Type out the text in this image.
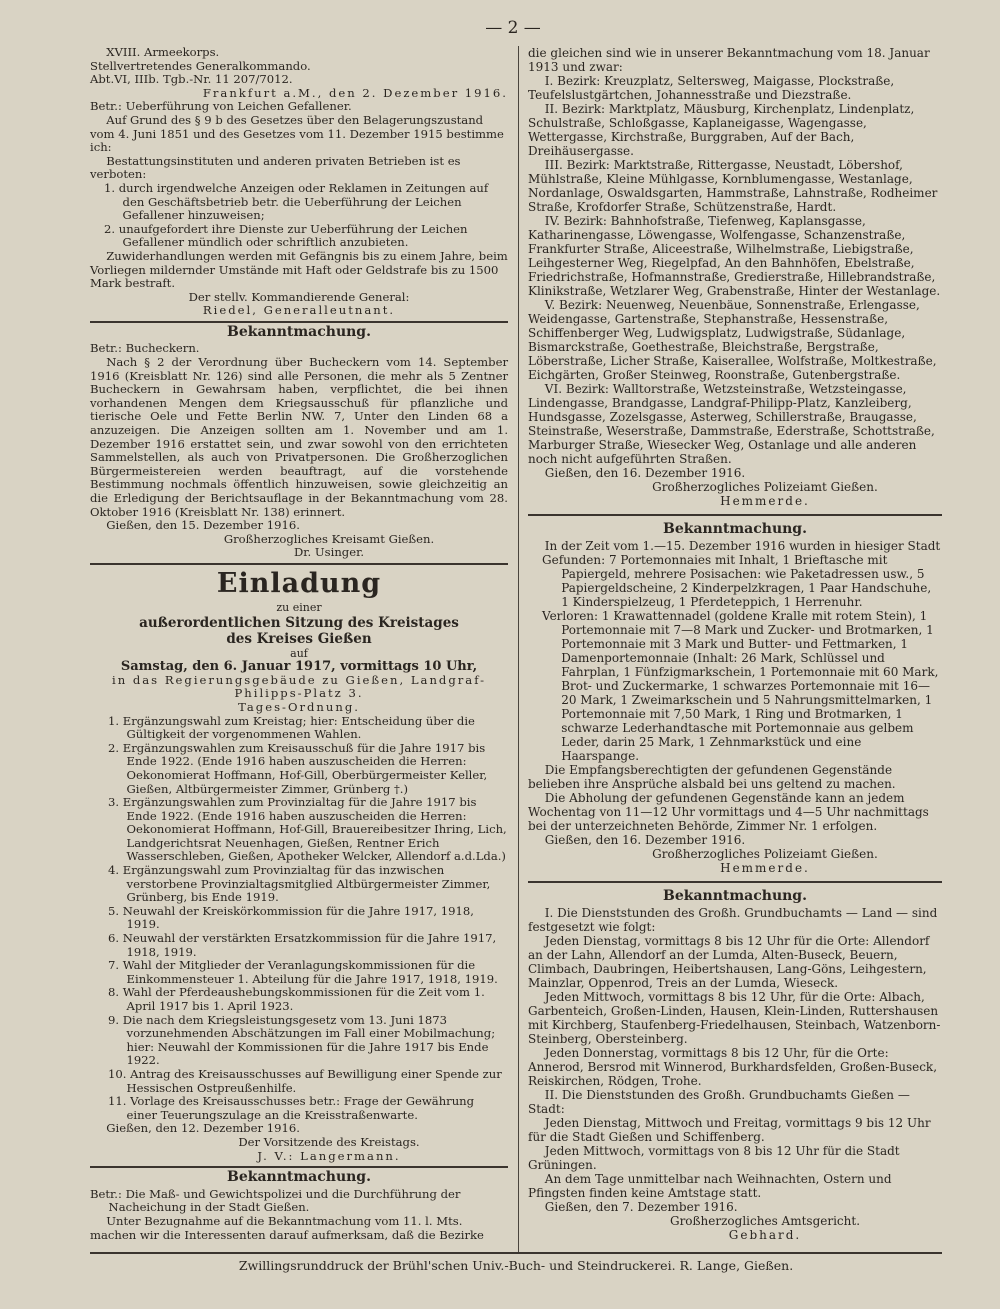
— 2 —

XVIII. Armeekorps.

Stellvertretendes Generalkommando.

Abt.VI, IIIb. Tgb.-Nr. 11 207/7012.

Frankfurt a.M., den 2. Dezember 1916.

Betr.: Ueberführung von Leichen Gefallener.

Auf Grund des § 9 b des Gesetzes über den Belagerungszustand vom 4. Juni 1851 und des Gesetzes vom 11. Dezember 1915 bestimme ich:

Bestattungsinstituten und anderen privaten Betrieben ist es verboten:

1. durch irgendwelche Anzeigen oder Reklamen in Zeitungen auf den Geschäftsbetrieb betr. die Ueberführung der Leichen Gefallener hinzuweisen;

2. unaufgefordert ihre Dienste zur Ueberführung der Leichen Gefallener mündlich oder schriftlich anzubieten.

Zuwiderhandlungen werden mit Gefängnis bis zu einem Jahre, beim Vorliegen mildernder Umstände mit Haft oder Geldstrafe bis zu 1500 Mark bestraft.

Der stellv. Kommandierende General:

Riedel, Generalleutnant.

Bekanntmachung.

Betr.: Bucheckern.

Nach § 2 der Verordnung über Bucheckern vom 14. September 1916 (Kreisblatt Nr. 126) sind alle Personen, die mehr als 5 Zentner Bucheckern in Gewahrsam haben, verpflichtet, die bei ihnen vorhandenen Mengen dem Kriegsausschuß für pflanzliche und tierische Oele und Fette Berlin NW. 7, Unter den Linden 68 a anzuzeigen. Die Anzeigen sollten am 1. November und am 1. Dezember 1916 erstattet sein, und zwar sowohl von den errichteten Sammelstellen, als auch von Privatpersonen. Die Großherzoglichen Bürgermeistereien werden beauftragt, auf die vorstehende Bestimmung nochmals öffentlich hinzuweisen, sowie gleichzeitig an die Erledigung der Berichtsauflage in der Bekanntmachung vom 28. Oktober 1916 (Kreisblatt Nr. 138) erinnert.

Gießen, den 15. Dezember 1916.

Großherzogliches Kreisamt Gießen.

Dr. Usinger.

Einladung

zu einer

außerordentlichen Sitzung des Kreistages

des Kreises Gießen

auf

Samstag, den 6. Januar 1917, vormittags 10 Uhr,

in das Regierungsgebäude zu Gießen, Landgraf-Philipps-Platz 3.

Tages-Ordnung.

1. Ergänzungswahl zum Kreistag; hier: Entscheidung über die Gültigkeit der vorgenommenen Wahlen.

2. Ergänzungswahlen zum Kreisausschuß für die Jahre 1917 bis Ende 1922. (Ende 1916 haben auszuscheiden die Herren: Oekonomierat Hoffmann, Hof-Gill, Oberbürgermeister Keller, Gießen, Altbürgermeister Zimmer, Grünberg †.)

3. Ergänzungswahlen zum Provinzialtag für die Jahre 1917 bis Ende 1922. (Ende 1916 haben auszuscheiden die Herren: Oekonomierat Hoffmann, Hof-Gill, Brauereibesitzer Ihring, Lich, Landgerichtsrat Neuenhagen, Gießen, Rentner Erich Wasserschleben, Gießen, Apotheker Welcker, Allendorf a.d.Lda.)

4. Ergänzungswahl zum Provinzialtag für das inzwischen verstorbene Provinzialtagsmitglied Altbürgermeister Zimmer, Grünberg, bis Ende 1919.

5. Neuwahl der Kreiskörkommission für die Jahre 1917, 1918, 1919.

6. Neuwahl der verstärkten Ersatzkommission für die Jahre 1917, 1918, 1919.

7. Wahl der Mitglieder der Veranlagungskommissionen für die Einkommensteuer 1. Abteilung für die Jahre 1917, 1918, 1919.

8. Wahl der Pferdeaushebungskommissionen für die Zeit vom 1. April 1917 bis 1. April 1923.

9. Die nach dem Kriegsleistungsgesetz vom 13. Juni 1873 vorzunehmenden Abschätzungen im Fall einer Mobilmachung; hier: Neuwahl der Kommissionen für die Jahre 1917 bis Ende 1922.

10. Antrag des Kreisausschusses auf Bewilligung einer Spende zur Hessischen Ostpreußenhilfe.

11. Vorlage des Kreisausschusses betr.: Frage der Gewährung einer Teuerungszulage an die Kreisstraßenwarte.

Gießen, den 12. Dezember 1916.

Der Vorsitzende des Kreistags.

J. V.: Langermann.

Bekanntmachung.

Betr.: Die Maß- und Gewichtspolizei und die Durchführung der Nacheichung in der Stadt Gießen.

Unter Bezugnahme auf die Bekanntmachung vom 11. l. Mts. machen wir die Interessenten darauf aufmerksam, daß die Bezirke

die gleichen sind wie in unserer Bekanntmachung vom 18. Januar 1913 und zwar:

I. Bezirk: Kreuzplatz, Seltersweg, Maigasse, Plockstraße, Teufelslustgärtchen, Johannesstraße und Diezstraße.

II. Bezirk: Marktplatz, Mäusburg, Kirchenplatz, Lindenplatz, Schulstraße, Schloßgasse, Kaplaneigasse, Wagengasse, Wettergasse, Kirchstraße, Burggraben, Auf der Bach, Dreihäusergasse.

III. Bezirk: Marktstraße, Rittergasse, Neustadt, Löbershof, Mühlstraße, Kleine Mühlgasse, Kornblumengasse, Westanlage, Nordanlage, Oswaldsgarten, Hammstraße, Lahnstraße, Rodheimer Straße, Krofdorfer Straße, Schützenstraße, Hardt.

IV. Bezirk: Bahnhofstraße, Tiefenweg, Kaplansgasse, Katharinengasse, Löwengasse, Wolfengasse, Schanzenstraße, Frankfurter Straße, Aliceestraße, Wilhelmstraße, Liebigstraße, Leihgesterner Weg, Riegelpfad, An den Bahnhöfen, Ebelstraße, Friedrichstraße, Hofmannstraße, Gredierstraße, Hillebrandstraße, Klinikstraße, Wetzlarer Weg, Grabenstraße, Hinter der Westanlage.

V. Bezirk: Neuenweg, Neuenbäue, Sonnenstraße, Erlengasse, Weidengasse, Gartenstraße, Stephanstraße, Hessenstraße, Schiffenberger Weg, Ludwigsplatz, Ludwigstraße, Südanlage, Bismarckstraße, Goethestraße, Bleichstraße, Bergstraße, Löberstraße, Licher Straße, Kaiserallee, Wolfstraße, Moltkestraße, Eichgärten, Großer Steinweg, Roonstraße, Gutenbergstraße.

VI. Bezirk: Walltorstraße, Wetzsteinstraße, Wetzsteingasse, Lindengasse, Brandgasse, Landgraf-Philipp-Platz, Kanzleiberg, Hundsgasse, Zozelsgasse, Asterweg, Schillerstraße, Braugasse, Steinstraße, Weserstraße, Dammstraße, Ederstraße, Schottstraße, Marburger Straße, Wiesecker Weg, Ostanlage und alle anderen noch nicht aufgeführten Straßen.

Gießen, den 16. Dezember 1916.

Großherzogliches Polizeiamt Gießen.

Hemmerde.

Bekanntmachung.

In der Zeit vom 1.—15. Dezember 1916 wurden in hiesiger Stadt

Gefunden: 7 Portemonnaies mit Inhalt, 1 Brieftasche mit Papiergeld, mehrere Posisachen: wie Paketadressen usw., 5 Papiergeldscheine, 2 Kinderpelzkragen, 1 Paar Handschuhe, 1 Kinderspielzeug, 1 Pferdeteppich, 1 Herrenuhr.

Verloren: 1 Krawattennadel (goldene Kralle mit rotem Stein), 1 Portemonnaie mit 7—8 Mark und Zucker- und Brotmarken, 1 Portemonnaie mit 3 Mark und Butter- und Fettmarken, 1 Damenportemonnaie (Inhalt: 26 Mark, Schlüssel und Fahrplan, 1 Fünfzigmarkschein, 1 Portemonnaie mit 60 Mark, Brot- und Zuckermarke, 1 schwarzes Portemonnaie mit 16—20 Mark, 1 Zweimarkschein und 5 Nahrungsmittelmarken, 1 Portemonnaie mit 7,50 Mark, 1 Ring und Brotmarken, 1 schwarze Lederhandtasche mit Portemonnaie aus gelbem Leder, darin 25 Mark, 1 Zehnmarkstück und eine Haarspange.

Die Empfangsberechtigten der gefundenen Gegenstände belieben ihre Ansprüche alsbald bei uns geltend zu machen.

Die Abholung der gefundenen Gegenstände kann an jedem Wochentag von 11—12 Uhr vormittags und 4—5 Uhr nachmittags bei der unterzeichneten Behörde, Zimmer Nr. 1 erfolgen.

Gießen, den 16. Dezember 1916.

Großherzogliches Polizeiamt Gießen.

Hemmerde.

Bekanntmachung.

I. Die Dienststunden des Großh. Grundbuchamts — Land — sind festgesetzt wie folgt:

Jeden Dienstag, vormittags 8 bis 12 Uhr für die Orte: Allendorf an der Lahn, Allendorf an der Lumda, Alten-Buseck, Beuern, Climbach, Daubringen, Heibertshausen, Lang-Göns, Leihgestern, Mainzlar, Oppenrod, Treis an der Lumda, Wieseck.

Jeden Mittwoch, vormittags 8 bis 12 Uhr, für die Orte: Albach, Garbenteich, Großen-Linden, Hausen, Klein-Linden, Ruttershausen mit Kirchberg, Staufenberg-Friedelhausen, Steinbach, Watzenborn-Steinberg, Obersteinberg.

Jeden Donnerstag, vormittags 8 bis 12 Uhr, für die Orte: Annerod, Bersrod mit Winnerod, Burkhardsfelden, Großen-Buseck, Reiskirchen, Rödgen, Trohe.

II. Die Dienststunden des Großh. Grundbuchamts Gießen — Stadt:

Jeden Dienstag, Mittwoch und Freitag, vormittags 9 bis 12 Uhr für die Stadt Gießen und Schiffenberg.

Jeden Mittwoch, vormittags von 8 bis 12 Uhr für die Stadt Grüningen.

An dem Tage unmittelbar nach Weihnachten, Ostern und Pfingsten finden keine Amtstage statt.

Gießen, den 7. Dezember 1916.

Großherzogliches Amtsgericht.

Gebhard.

Zwillingsrunddruck der Brühl'schen Univ.-Buch- und Steindruckerei. R. Lange, Gießen.
